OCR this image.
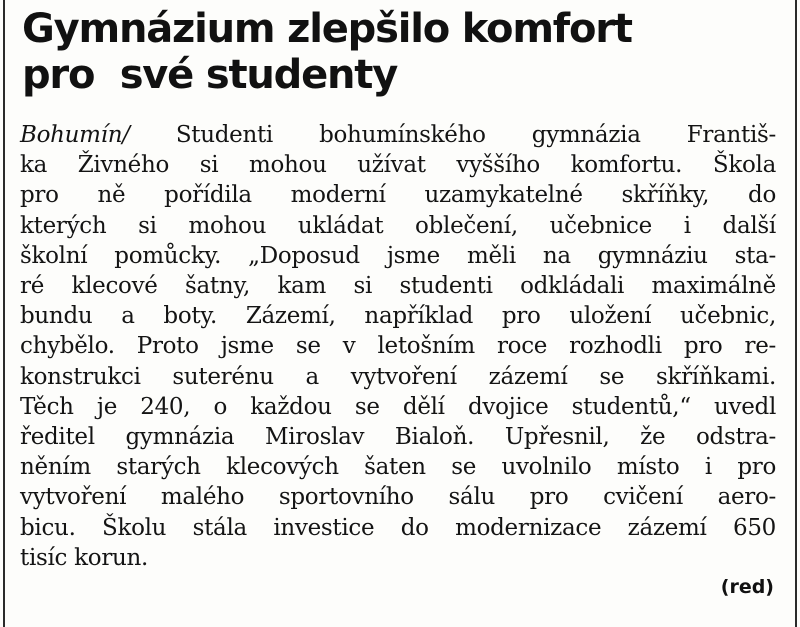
Gymnázium zlepšilo komfort
pro  své studenty
Bohumín/ Studenti bohumínského gymnázia Františ-
ka Živného si mohou užívat vyššího komfortu. Škola
pro ně pořídila moderní uzamykatelné skříňky, do
kterých si mohou ukládat oblečení, učebnice i další
školní pomůcky. „Doposud jsme měli na gymnáziu sta-
ré klecové šatny, kam si studenti odkládali maximálně
bundu a boty. Zázemí, například pro uložení učebnic,
chybělo. Proto jsme se v letošním roce rozhodli pro re-
konstrukci suterénu a vytvoření zázemí se skříňkami.
Těch je 240, o každou se dělí dvojice studentů,“ uvedl
ředitel gymnázia Miroslav Bialoň. Upřesnil, že odstra-
něním starých klecových šaten se uvolnilo místo i pro
vytvoření malého sportovního sálu pro cvičení aero-
bicu. Školu stála investice do modernizace zázemí 650
tisíc korun.
(red)
